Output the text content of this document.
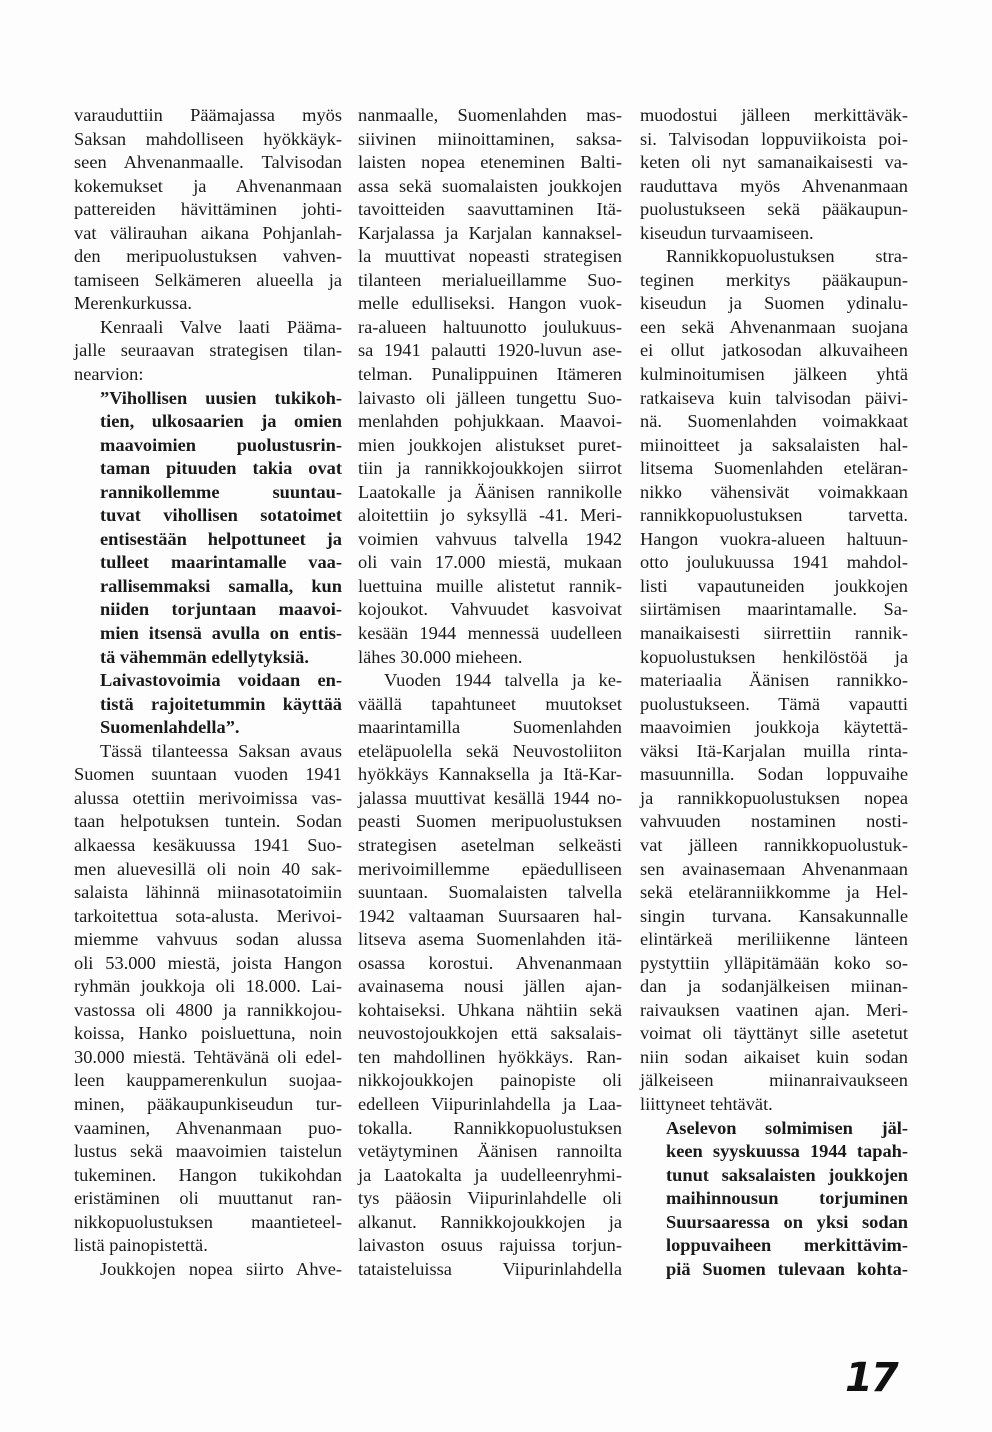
varauduttiin Päämajassa myös
Saksan mahdolliseen hyökkäyk-
seen Ahvenanmaalle. Talvisodan
kokemukset ja Ahvenanmaan
pattereiden hävittäminen johti-
vat välirauhan aikana Pohjanlah-
den meripuolustuksen vahven-
tamiseen Selkämeren alueella ja
Merenkurkussa.
Kenraali Valve laati Pääma-
jalle seuraavan strategisen tilan-
nearvion:
”Vihollisen uusien tukikoh-
tien, ulkosaarien ja omien
maavoimien puolustusrin-
taman pituuden takia ovat
rannikollemme suuntau-
tuvat vihollisen sotatoimet
entisestään helpottuneet ja
tulleet maarintamalle vaa-
rallisemmaksi samalla, kun
niiden torjuntaan maavoi-
mien itsensä avulla on entis-
tä vähemmän edellytyksiä.
Laivastovoimia voidaan en-
tistä rajoitetummin käyttää
Suomenlahdella”.
Tässä tilanteessa Saksan avaus
Suomen suuntaan vuoden 1941
alussa otettiin merivoimissa vas-
taan helpotuksen tuntein. Sodan
alkaessa kesäkuussa 1941 Suo-
men aluevesillä oli noin 40 sak-
salaista lähinnä miinasotatoimiin
tarkoitettua sota-alusta. Merivoi-
miemme vahvuus sodan alussa
oli 53.000 miestä, joista Hangon
ryhmän joukkoja oli 18.000. Lai-
vastossa oli 4800 ja rannikkojou-
koissa, Hanko poisluettuna, noin
30.000 miestä. Tehtävänä oli edel-
leen kauppamerenkulun suojaa-
minen, pääkaupunkiseudun tur-
vaaminen, Ahvenanmaan puo-
lustus sekä maavoimien taistelun
tukeminen. Hangon tukikohdan
eristäminen oli muuttanut ran-
nikkopuolustuksen maantieteel-
listä painopistettä.
Joukkojen nopea siirto Ahve-
nanmaalle, Suomenlahden mas-
siivinen miinoittaminen, saksa-
laisten nopea eteneminen Balti-
assa sekä suomalaisten joukkojen
tavoitteiden saavuttaminen Itä-
Karjalassa ja Karjalan kannaksel-
la muuttivat nopeasti strategisen
tilanteen merialueillamme Suo-
melle edulliseksi. Hangon vuok-
ra-alueen haltuunotto joulukuus-
sa 1941 palautti 1920-luvun ase-
telman. Punalippuinen Itämeren
laivasto oli jälleen tungettu Suo-
menlahden pohjukkaan. Maavoi-
mien joukkojen alistukset puret-
tiin ja rannikkojoukkojen siirrot
Laatokalle ja Äänisen rannikolle
aloitettiin jo syksyllä -41. Meri-
voimien vahvuus talvella 1942
oli vain 17.000 miestä, mukaan
luettuina muille alistetut rannik-
kojoukot. Vahvuudet kasvoivat
kesään 1944 mennessä uudelleen
lähes 30.000 mieheen.
Vuoden 1944 talvella ja ke-
väällä tapahtuneet muutokset
maarintamilla Suomenlahden
eteläpuolella sekä Neuvostoliiton
hyökkäys Kannaksella ja Itä-Kar-
jalassa muuttivat kesällä 1944 no-
peasti Suomen meripuolustuksen
strategisen asetelman selkeästi
merivoimillemme epäedulliseen
suuntaan. Suomalaisten talvella
1942 valtaaman Suursaaren hal-
litseva asema Suomenlahden itä-
osassa korostui. Ahvenanmaan
avainasema nousi jällen ajan-
kohtaiseksi. Uhkana nähtiin sekä
neuvostojoukkojen että saksalais-
ten mahdollinen hyökkäys. Ran-
nikkojoukkojen painopiste oli
edelleen Viipurinlahdella ja Laa-
tokalla. Rannikkopuolustuksen
vetäytyminen Äänisen rannoilta
ja Laatokalta ja uudelleenryhmi-
tys pääosin Viipurinlahdelle oli
alkanut. Rannikkojoukkojen ja
laivaston osuus rajuissa torjun-
tataisteluissa Viipurinlahdella
muodostui jälleen merkittäväk-
si. Talvisodan loppuviikoista poi-
keten oli nyt samanaikaisesti va-
rauduttava myös Ahvenanmaan
puolustukseen sekä pääkaupun-
kiseudun turvaamiseen.
Rannikkopuolustuksen stra-
teginen merkitys pääkaupun-
kiseudun ja Suomen ydinalu-
een sekä Ahvenanmaan suojana
ei ollut jatkosodan alkuvaiheen
kulminoitumisen jälkeen yhtä
ratkaiseva kuin talvisodan päivi-
nä. Suomenlahden voimakkaat
miinoitteet ja saksalaisten hal-
litsema Suomenlahden eteläran-
nikko vähensivät voimakkaan
rannikkopuolustuksen tarvetta.
Hangon vuokra-alueen haltuun-
otto joulukuussa 1941 mahdol-
listi vapautuneiden joukkojen
siirtämisen maarintamalle. Sa-
manaikaisesti siirrettiin rannik-
kopuolustuksen henkilöstöä ja
materiaalia Äänisen rannikko-
puolustukseen. Tämä vapautti
maavoimien joukkoja käytettä-
väksi Itä-Karjalan muilla rinta-
masuunnilla. Sodan loppuvaihe
ja rannikkopuolustuksen nopea
vahvuuden nostaminen nosti-
vat jälleen rannikkopuolustuk-
sen avainasemaan Ahvenanmaan
sekä eteläranniikkomme ja Hel-
singin turvana. Kansakunnalle
elintärkeä meriliikenne länteen
pystyttiin ylläpitämään koko so-
dan ja sodanjälkeisen miinan-
raivauksen vaatinen ajan. Meri-
voimat oli täyttänyt sille asetetut
niin sodan aikaiset kuin sodan
jälkeiseen miinanraivaukseen
liittyneet tehtävät.
Aselevon solmimisen jäl-
keen syyskuussa 1944 tapah-
tunut saksalaisten joukkojen
maihinnousun torjuminen
Suursaaressa on yksi sodan
loppuvaiheen merkittävim-
piä Suomen tulevaan kohta-
17
